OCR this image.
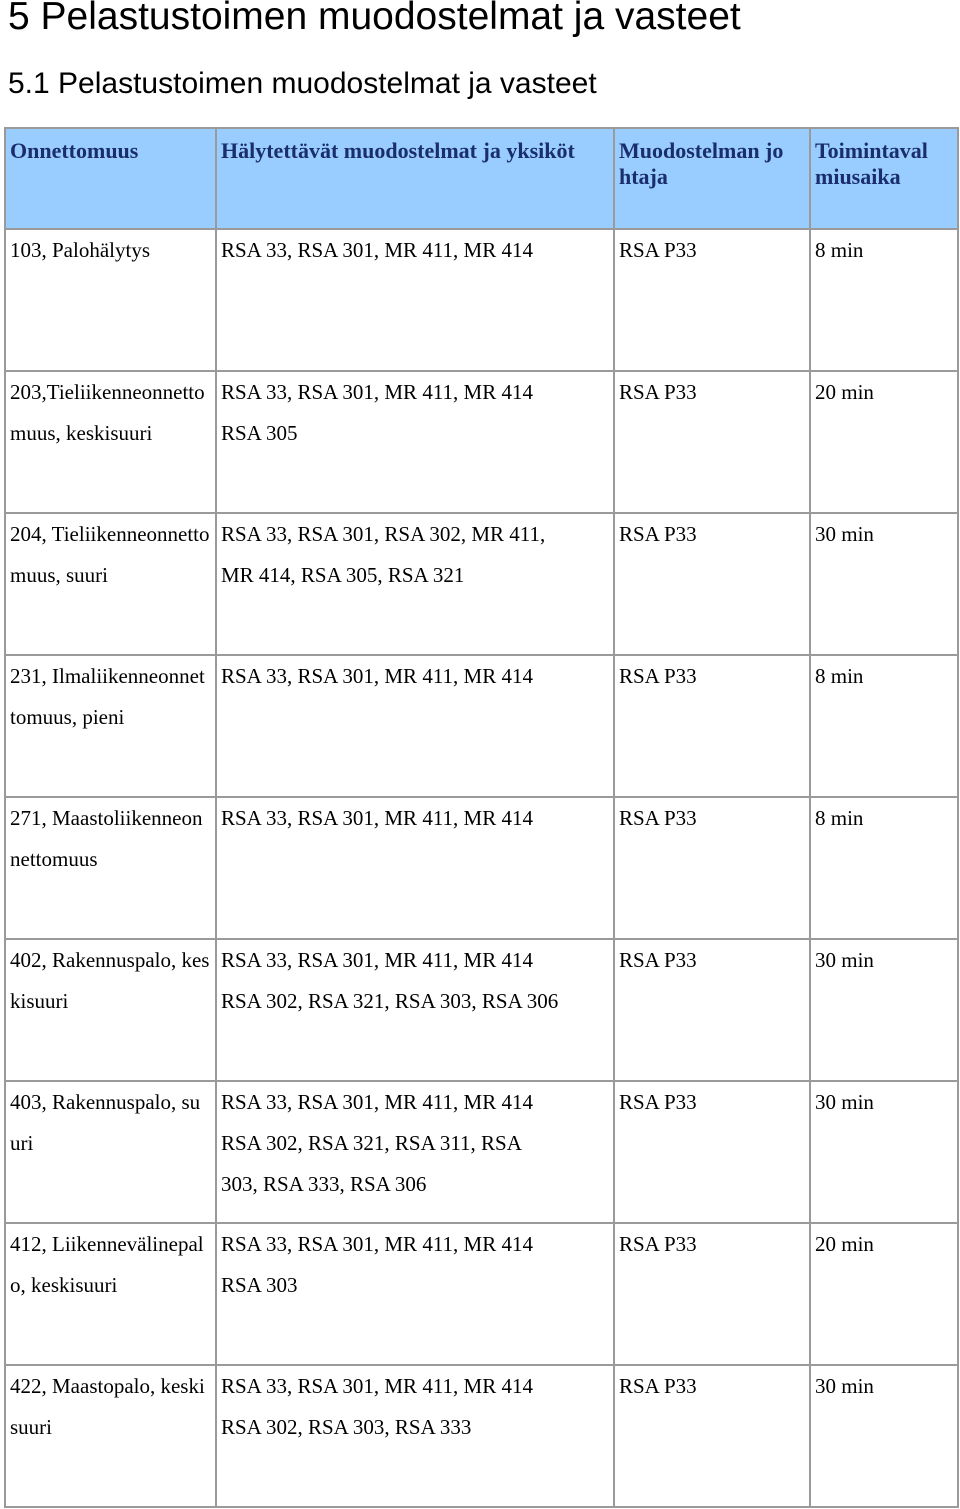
5 Pelastustoimen muodostelmat ja vasteet
5.1 Pelastustoimen muodostelmat ja vasteet
Onnettomuus	Hälytettävät muodostelmat ja yksiköt	Muodostelman johtaja	Toimintavalmiusaika

103, Palohälytys	RSA 33, RSA 301, MR 411, MR 414	RSA P33	8 min

203,Tieliikenneonnettomuus, keskisuuri	RSA 33, RSA 301, MR 411, MR 414
RSA 305	RSA P33	20 min

204, Tieliikenneonnettomuus, suuri	RSA 33, RSA 301, RSA 302, MR 411,
MR 414, RSA 305, RSA 321	RSA P33	30 min

231, Ilmaliikenneonnettomuus, pieni	RSA 33, RSA 301, MR 411, MR 414	RSA P33	8 min

271, Maastoliikenneonnettomuus	RSA 33, RSA 301, MR 411, MR 414	RSA P33	8 min

402, Rakennuspalo, keskisuuri	RSA 33, RSA 301, MR 411, MR 414
RSA 302, RSA 321, RSA 303, RSA 306	RSA P33	30 min

403, Rakennuspalo, suuri	RSA 33, RSA 301, MR 411, MR 414
RSA 302, RSA 321, RSA 311, RSA
303, RSA 333, RSA 306	RSA P33	30 min

412, Liikennevälinepalo, keskisuuri	RSA 33, RSA 301, MR 411, MR 414
RSA 303	RSA P33	20 min

422, Maastopalo, keskisuuri	RSA 33, RSA 301, MR 411, MR 414
RSA 302, RSA 303, RSA 333	RSA P33	30 min
